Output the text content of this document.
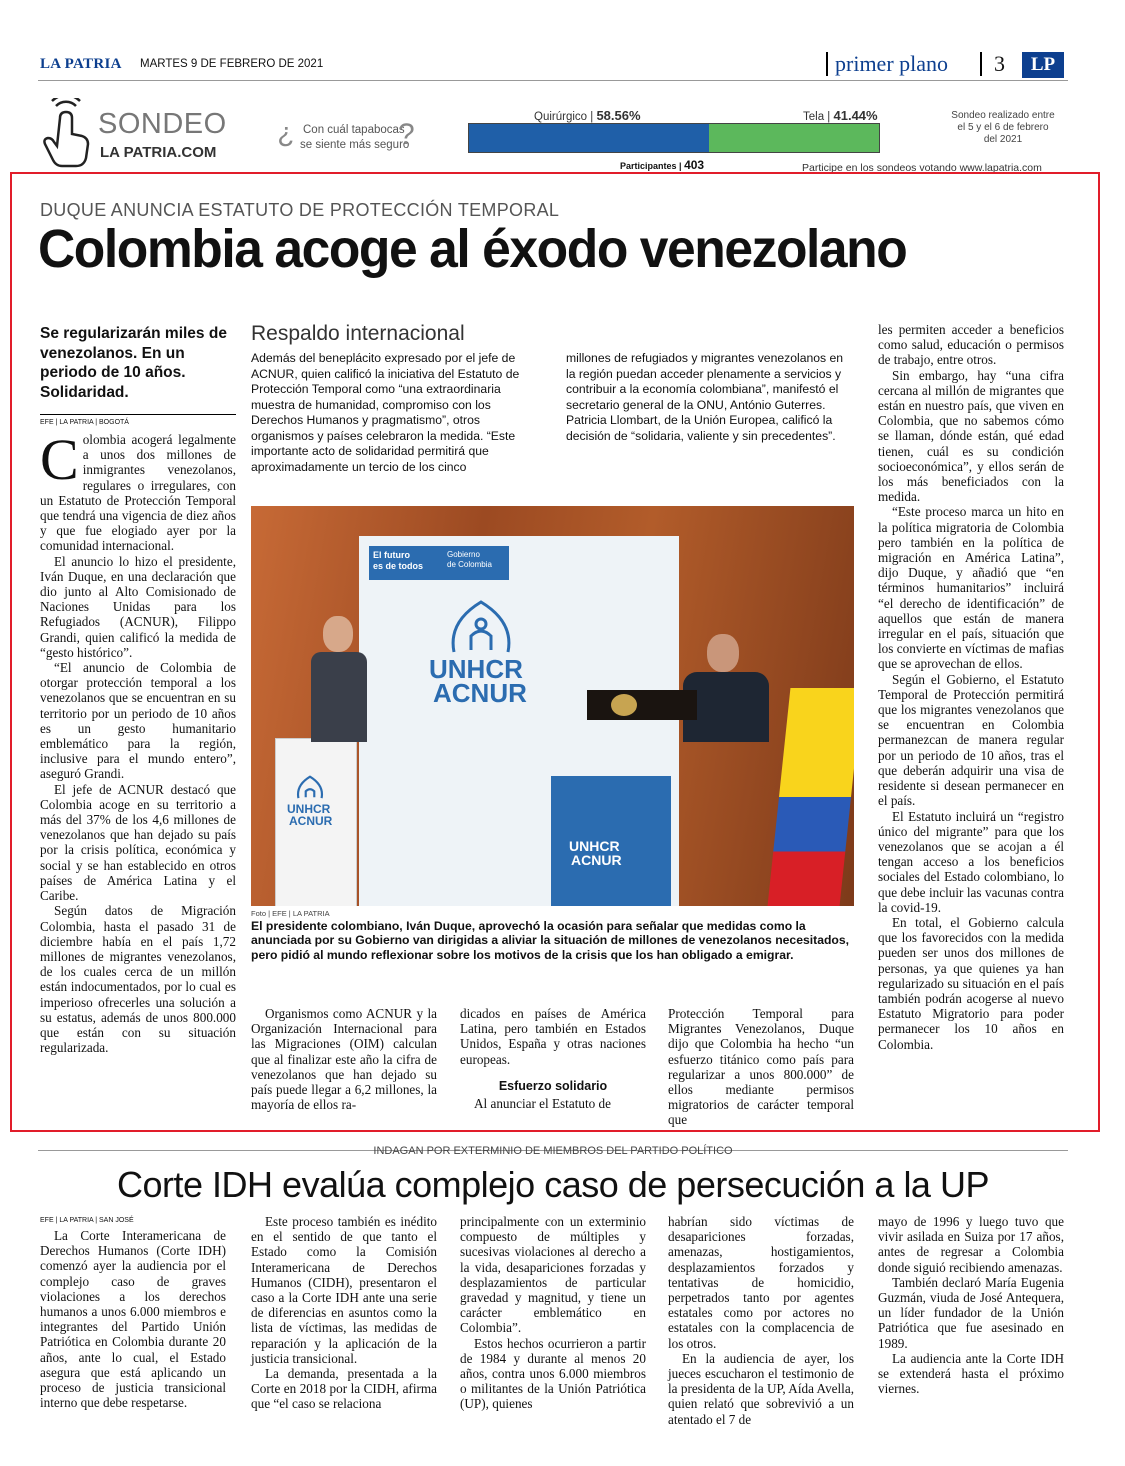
LA PATRIA MARTES 9 DE FEBRERO DE 2021	primer plano 3	LP
SONDEO
LA PATRIA.COM
? Con cuál tapabocas
se siente más seguro
?
Quirúrgico | 58.56%	Tela | 41.44%
Participantes | 403
Sondeo realizado entre
el 5 y el 6 de febrero
del 2021
Participe en los sondeos votando www.lapatria.com
DUQUE ANUNCIA ESTATUTO DE PROTECCIÓN TEMPORAL
Colombia acoge al éxodo venezolano
Se regularizarán miles de venezolanos. En un periodo de 10 años. Solidaridad.
EFE | LA PATRIA | BOGOTÁ

Colombia acogerá legalmente a unos dos millones de inmigrantes venezolanos, regulares o irregulares, con un Estatuto de Protección Temporal que tendrá una vigencia de diez años y que fue elogiado ayer por la comunidad internacional.

El anuncio lo hizo el presidente, Iván Duque, en una declaración que dio junto al Alto Comisionado de Naciones Unidas para los Refugiados (ACNUR), Filippo Grandi, quien calificó la medida de “gesto histórico”.

“El anuncio de Colombia de otorgar protección temporal a los venezolanos que se encuentran en su territorio por un periodo de 10 años es un gesto humanitario emblemático para la región, inclusive para el mundo entero”, aseguró Grandi.

El jefe de ACNUR destacó que Colombia acoge en su territorio a más del 37% de los 4,6 millones de venezolanos que han dejado su país por la crisis política, económica y social y se han establecido en otros países de América Latina y el Caribe.

Según datos de Migración Colombia, hasta el pasado 31 de diciembre había en el país 1,72 millones de migrantes venezolanos, de los cuales cerca de un millón están indocumentados, por lo cual es imperioso ofrecerles una solución a su estatus, además de unos 800.000 que están con su situación regularizada.

Respaldo internacional
Además del beneplácito expresado por el jefe de ACNUR, quien calificó la iniciativa del Estatuto de Protección Temporal como “una extraordinaria muestra de humanidad, compromiso con los Derechos Humanos y pragmatismo”, otros organismos y países celebraron la medida. “Este importante acto de solidaridad permitirá que aproximadamente un tercio de los cinco
millones de refugiados y migrantes venezolanos en la región puedan acceder plenamente a servicios y contribuir a la economía colombiana”, manifestó el secretario general de la ONU, António Guterres.
Patricia Llombart, de la Unión Europea, calificó la decisión de “solidaria, valiente y sin precedentes”.
El futuro
es de todos
Gobierno
de Colombia
UNHCR
ACNUR
UNHCR
ACNUR
UNHCR
ACNUR
Foto | EFE | LA PATRIA
El presidente colombiano, Iván Duque, aprovechó la ocasión para señalar que medidas como la anunciada por su Gobierno van dirigidas a aliviar la situación de millones de venezolanos necesitados, pero pidió al mundo reflexionar sobre los motivos de la crisis que los han obligado a emigrar.

Organismos como ACNUR y la Organización Internacional para las Migraciones (OIM) calculan que al finalizar este año la cifra de venezolanos que han dejado su país puede llegar a 6,2 millones, la mayoría de ellos ra-

dicados en países de América Latina, pero también en Estados Unidos, España y otras naciones europeas.

Esfuerzo solidario

Al anunciar el Estatuto de

Protección Temporal para Migrantes Venezolanos, Duque dijo que Colombia ha hecho “un esfuerzo titánico como país para regularizar a unos 800.000” de ellos mediante permisos migratorios de carácter temporal que

les permiten acceder a beneficios como salud, educación o permisos de trabajo, entre otros.

Sin embargo, hay “una cifra cercana al millón de migrantes que están en nuestro país, que viven en Colombia, que no sabemos cómo se llaman, dónde están, qué edad tienen, cuál es su condición socioeconómica”, y ellos serán de los más beneficiados con la medida.

“Este proceso marca un hito en la política migratoria de Colombia pero también en la política de migración en América Latina”, dijo Duque, y añadió que “en términos humanitarios” incluirá “el derecho de identificación” de aquellos que están de manera irregular en el país, situación que los convierte en víctimas de mafias que se aprovechan de ellos.

Según el Gobierno, el Estatuto Temporal de Protección permitirá que los migrantes venezolanos que se encuentran en Colombia permanezcan de manera regular por un periodo de 10 años, tras el que deberán adquirir una visa de residente si desean permanecer en el país.

El Estatuto incluirá un “registro único del migrante” para que los venezolanos que se acojan a él tengan acceso a los beneficios sociales del Estado colombiano, lo que debe incluir las vacunas contra la covid-19.

En total, el Gobierno calcula que los favorecidos con la medida pueden ser unos dos millones de personas, ya que quienes ya han regularizado su situación en el país también podrán acogerse al nuevo Estatuto Migratorio para poder permanecer los 10 años en Colombia.

INDAGAN POR EXTERMINIO DE MIEMBROS DEL PARTIDO POLÍTICO
Corte IDH evalúa complejo caso de persecución a la UP
EFE | LA PATRIA | SAN JOSÉ

La Corte Interamericana de Derechos Humanos (Corte IDH) comenzó ayer la audiencia por el complejo caso de graves violaciones a los derechos humanos a unos 6.000 miembros e integrantes del Partido Unión Patriótica en Colombia durante 20 años, ante lo cual, el Estado asegura que está aplicando un proceso de justicia transicional interno que debe respetarse.

Este proceso también es inédito en el sentido de que tanto el Estado como la Comisión Interamericana de Derechos Humanos (CIDH), presentaron el caso a la Corte IDH ante una serie de diferencias en asuntos como la lista de víctimas, las medidas de reparación y la aplicación de la justicia transicional.

La demanda, presentada a la Corte en 2018 por la CIDH, afirma que “el caso se relaciona

principalmente con un exterminio compuesto de múltiples y sucesivas violaciones al derecho a la vida, desapariciones forzadas y desplazamientos de particular gravedad y magnitud, y tiene un carácter emblemático en Colombia”.

Estos hechos ocurrieron a partir de 1984 y durante al menos 20 años, contra unos 6.000 miembros o militantes de la Unión Patriótica (UP), quienes

habrían sido víctimas de desapariciones forzadas, amenazas, hostigamientos, desplazamientos forzados y tentativas de homicidio, perpetrados tanto por agentes estatales como por actores no estatales con la complacencia de los otros.

En la audiencia de ayer, los jueces escucharon el testimonio de la presidenta de la UP, Aída Avella, quien relató que sobrevivió a un atentado el 7 de

mayo de 1996 y luego tuvo que vivir asilada en Suiza por 17 años, antes de regresar a Colombia donde siguió recibiendo amenazas.

También declaró María Eugenia Guzmán, viuda de José Antequera, un líder fundador de la Unión Patriótica que fue asesinado en 1989.

La audiencia ante la Corte IDH se extenderá hasta el próximo viernes.
